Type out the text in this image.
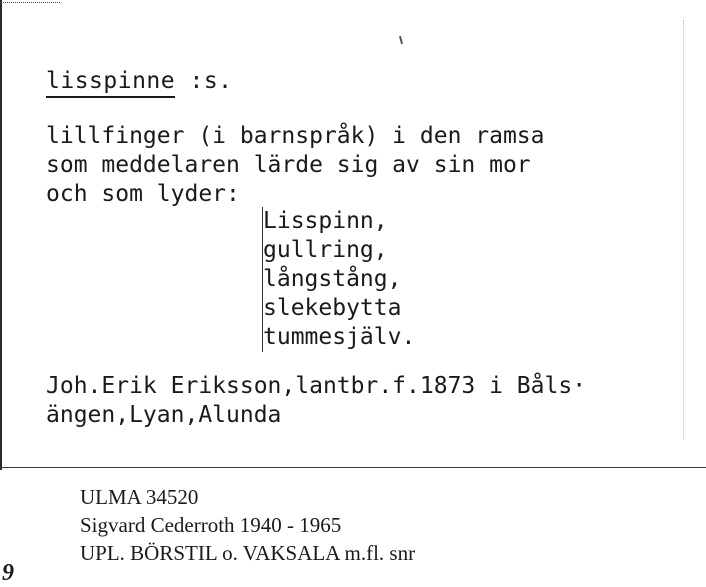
lisspinne :s.
lillfinger (i barnspråk) i den ramsa
som meddelaren lärde sig av sin mor
och som lyder:
Lisspinn,
gullring,
långstång,
slekebytta
tummesjälv.
Joh.Erik Eriksson,lantbr.f.1873 i Båls·
ängen,Lyan,Alunda
ULMA 34520
Sigvard Cederroth 1940 - 1965
UPL. BÖRSTIL o. VAKSALA m.fl. snr
9
